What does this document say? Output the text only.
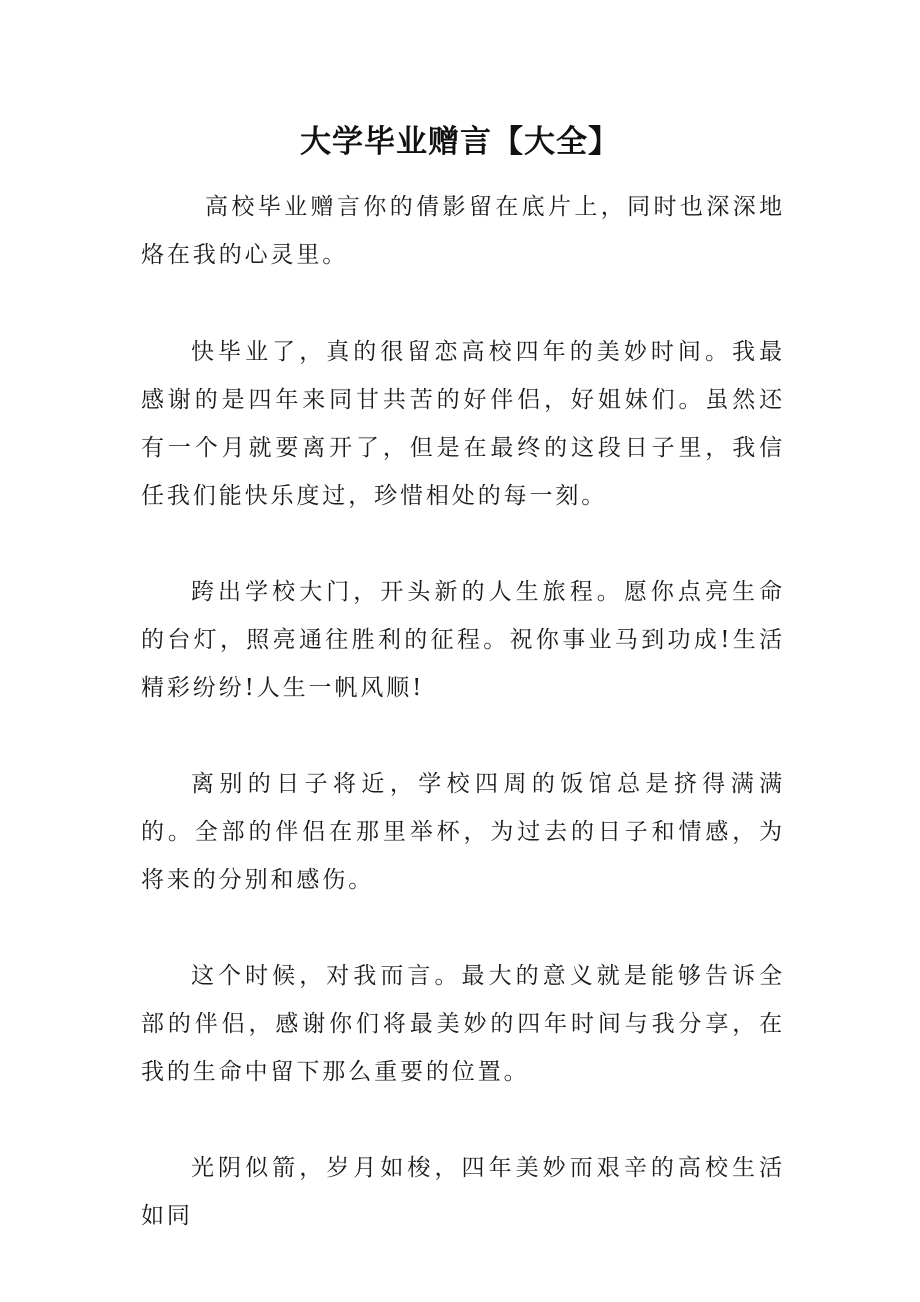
大学毕业赠言【大全】

高校毕业赠言你的倩影留在底片上，同时也深深地烙在我的心灵里。

快毕业了，真的很留恋高校四年的美妙时间。我最感谢的是四年来同甘共苦的好伴侣，好姐妹们。虽然还有一个月就要离开了，但是在最终的这段日子里，我信任我们能快乐度过，珍惜相处的每一刻。

跨出学校大门，开头新的人生旅程。愿你点亮生命的台灯，照亮通往胜利的征程。祝你事业马到功成!生活精彩纷纷!人生一帆风顺!

离别的日子将近，学校四周的饭馆总是挤得满满的。全部的伴侣在那里举杯，为过去的日子和情感，为将来的分别和感伤。

这个时候，对我而言。最大的意义就是能够告诉全部的伴侣，感谢你们将最美妙的四年时间与我分享，在我的生命中留下那么重要的位置。

光阴似箭，岁月如梭，四年美妙而艰辛的高校生活如同
